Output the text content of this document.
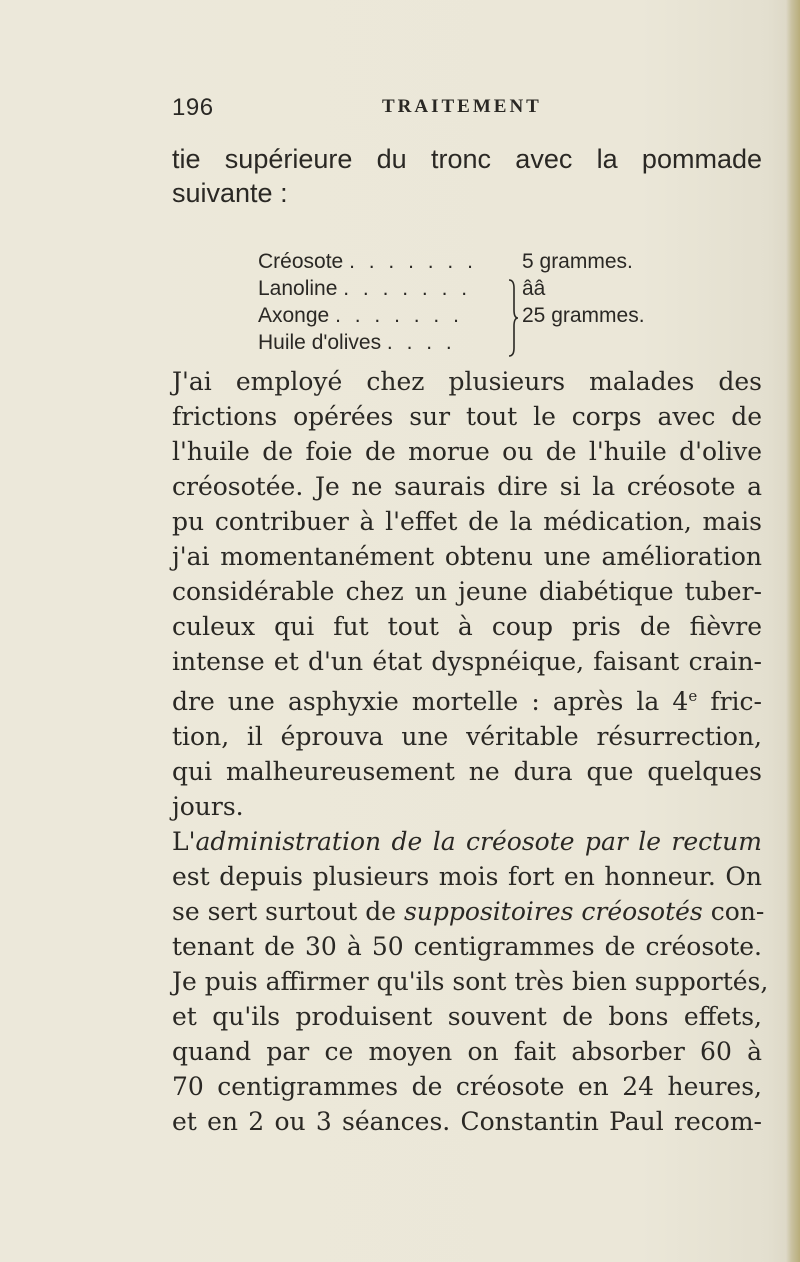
196	TRAITEMENT
tie supérieure du tronc avec la pommade
suivante :
Créosote . . . . . . . 5 grammes.
Lanoline . . . . . . .
Axonge . . . . . . .
Huile d'olives . . . .
ââ
25 grammes.
J'ai employé chez plusieurs malades des
frictions opérées sur tout le corps avec de
l'huile de foie de morue ou de l'huile d'olive
créosotée. Je ne saurais dire si la créosote a
pu contribuer à l'effet de la médication, mais
j'ai momentanément obtenu une amélioration
considérable chez un jeune diabétique tuber-
culeux qui fut tout à coup pris de fièvre
intense et d'un état dyspnéique, faisant crain-
dre une asphyxie mortelle : après la 4e fric-
tion, il éprouva une véritable résurrection,
qui malheureusement ne dura que quelques
jours.
L'administration de la créosote par le rectum
est depuis plusieurs mois fort en honneur. On
se sert surtout de suppositoires créosotés con-
tenant de 30 à 50 centigrammes de créosote.
Je puis affirmer qu'ils sont très bien supportés,
et qu'ils produisent souvent de bons effets,
quand par ce moyen on fait absorber 60 à
70 centigrammes de créosote en 24 heures,
et en 2 ou 3 séances. Constantin Paul recom-
